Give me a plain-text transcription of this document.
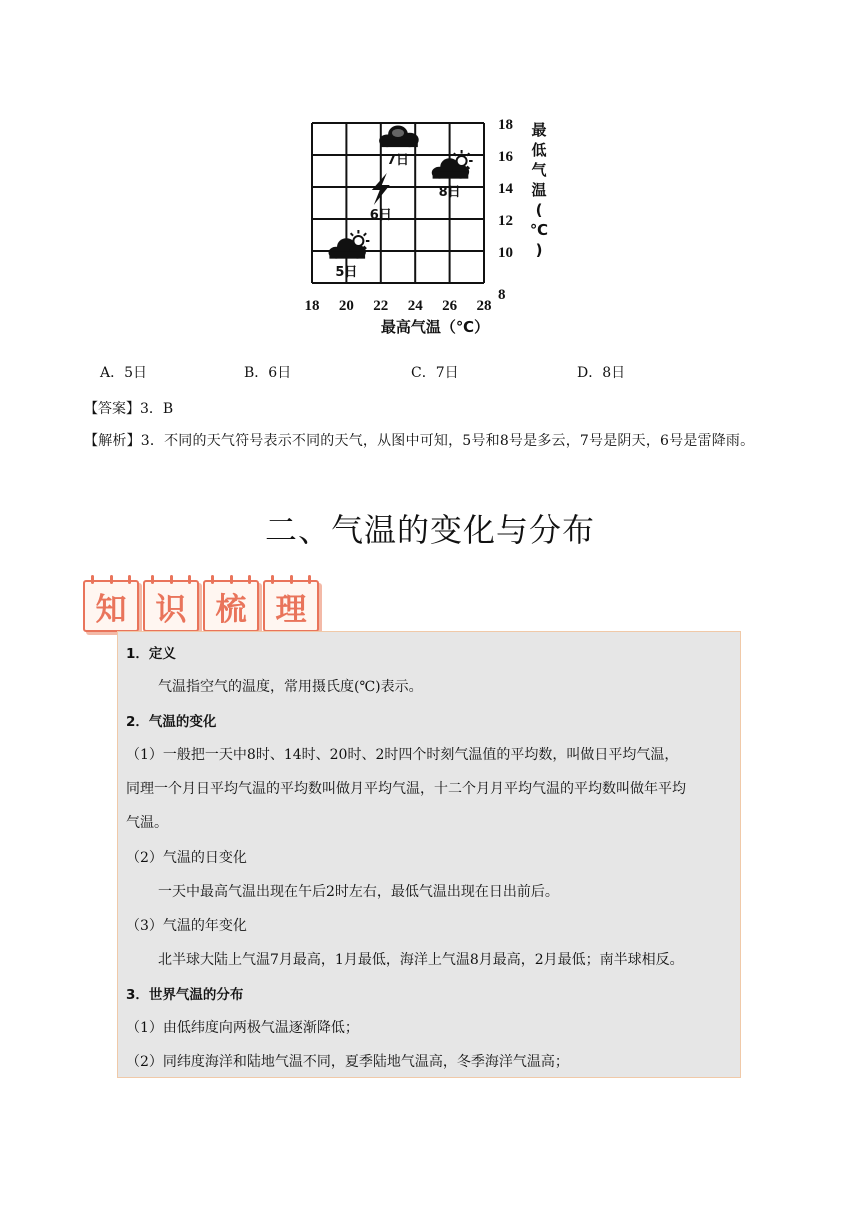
18 20 22 24 26 28
18
16
14
12
10
8
最
低
气
温
(
℃
)
最高气温（℃）
5日
6日
7日
8日
A．5日	B．6日	C．7日	D．8日
【答案】3．B
【解析】3．不同的天气符号表示不同的天气，从图中可知，5号和8号是多云，7号是阴天，6号是雷降雨。
二、气温的变化与分布
知 识 梳 理
1．定义
气温指空气的温度，常用摄氏度(℃)表示。
2．气温的变化
（1）一般把一天中8时、14时、20时、2时四个时刻气温值的平均数，叫做日平均气温，
同理一个月日平均气温的平均数叫做月平均气温，十二个月月平均气温的平均数叫做年平均
气温。
（2）气温的日变化
一天中最高气温出现在午后2时左右，最低气温出现在日出前后。
（3）气温的年变化
北半球大陆上气温7月最高，1月最低，海洋上气温8月最高，2月最低；南半球相反。
3．世界气温的分布
（1）由低纬度向两极气温逐渐降低；
（2）同纬度海洋和陆地气温不同，夏季陆地气温高，冬季海洋气温高；
